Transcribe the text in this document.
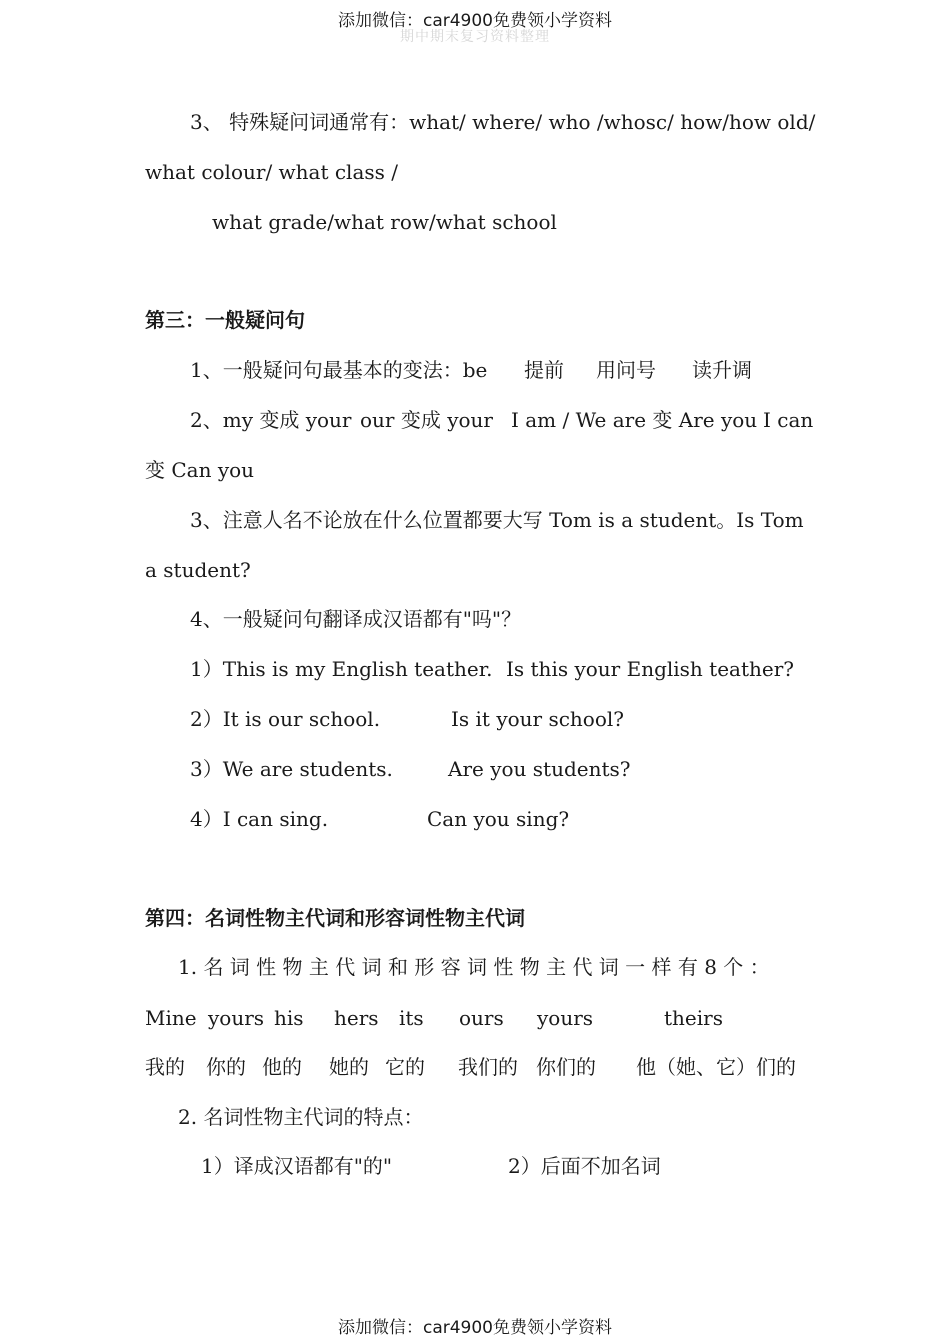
添加微信：car4900免费领小学资料
期中期末复习资料整理
3、 特殊疑问词通常有：what/ where/ who /whosc/ how/how old/
what colour/ what class /
what grade/what row/what school
第三：一般疑问句
1、一般疑问句最基本的变法：be 提前 用问号 读升调
2、my 变成 your our 变成 your I am / We are 变 Are you I can
变 Can you
3、注意人名不论放在什么位置都要大写 Tom is a student。Is Tom
a student?
4、一般疑问句翻译成汉语都有"吗"？
1）This is my English teather. Is this your English teather?
2）It is our school.	Is it your school?
3）We are students.	Are you students?
4）I can sing.	Can you sing?
第四：名词性物主代词和形容词性物主代词
1. 名 词 性 物 主 代 词 和 形 容 词 性 物 主 代 词 一 样 有 8 个 ：
Mine yours his hers its ours yours	theirs
我的 你的 他的 她的 它的 我们的 你们的 他（她、它）们的
2. 名词性物主代词的特点：
1）译成汉语都有"的"	2）后面不加名词
添加微信：car4900免费领小学资料
